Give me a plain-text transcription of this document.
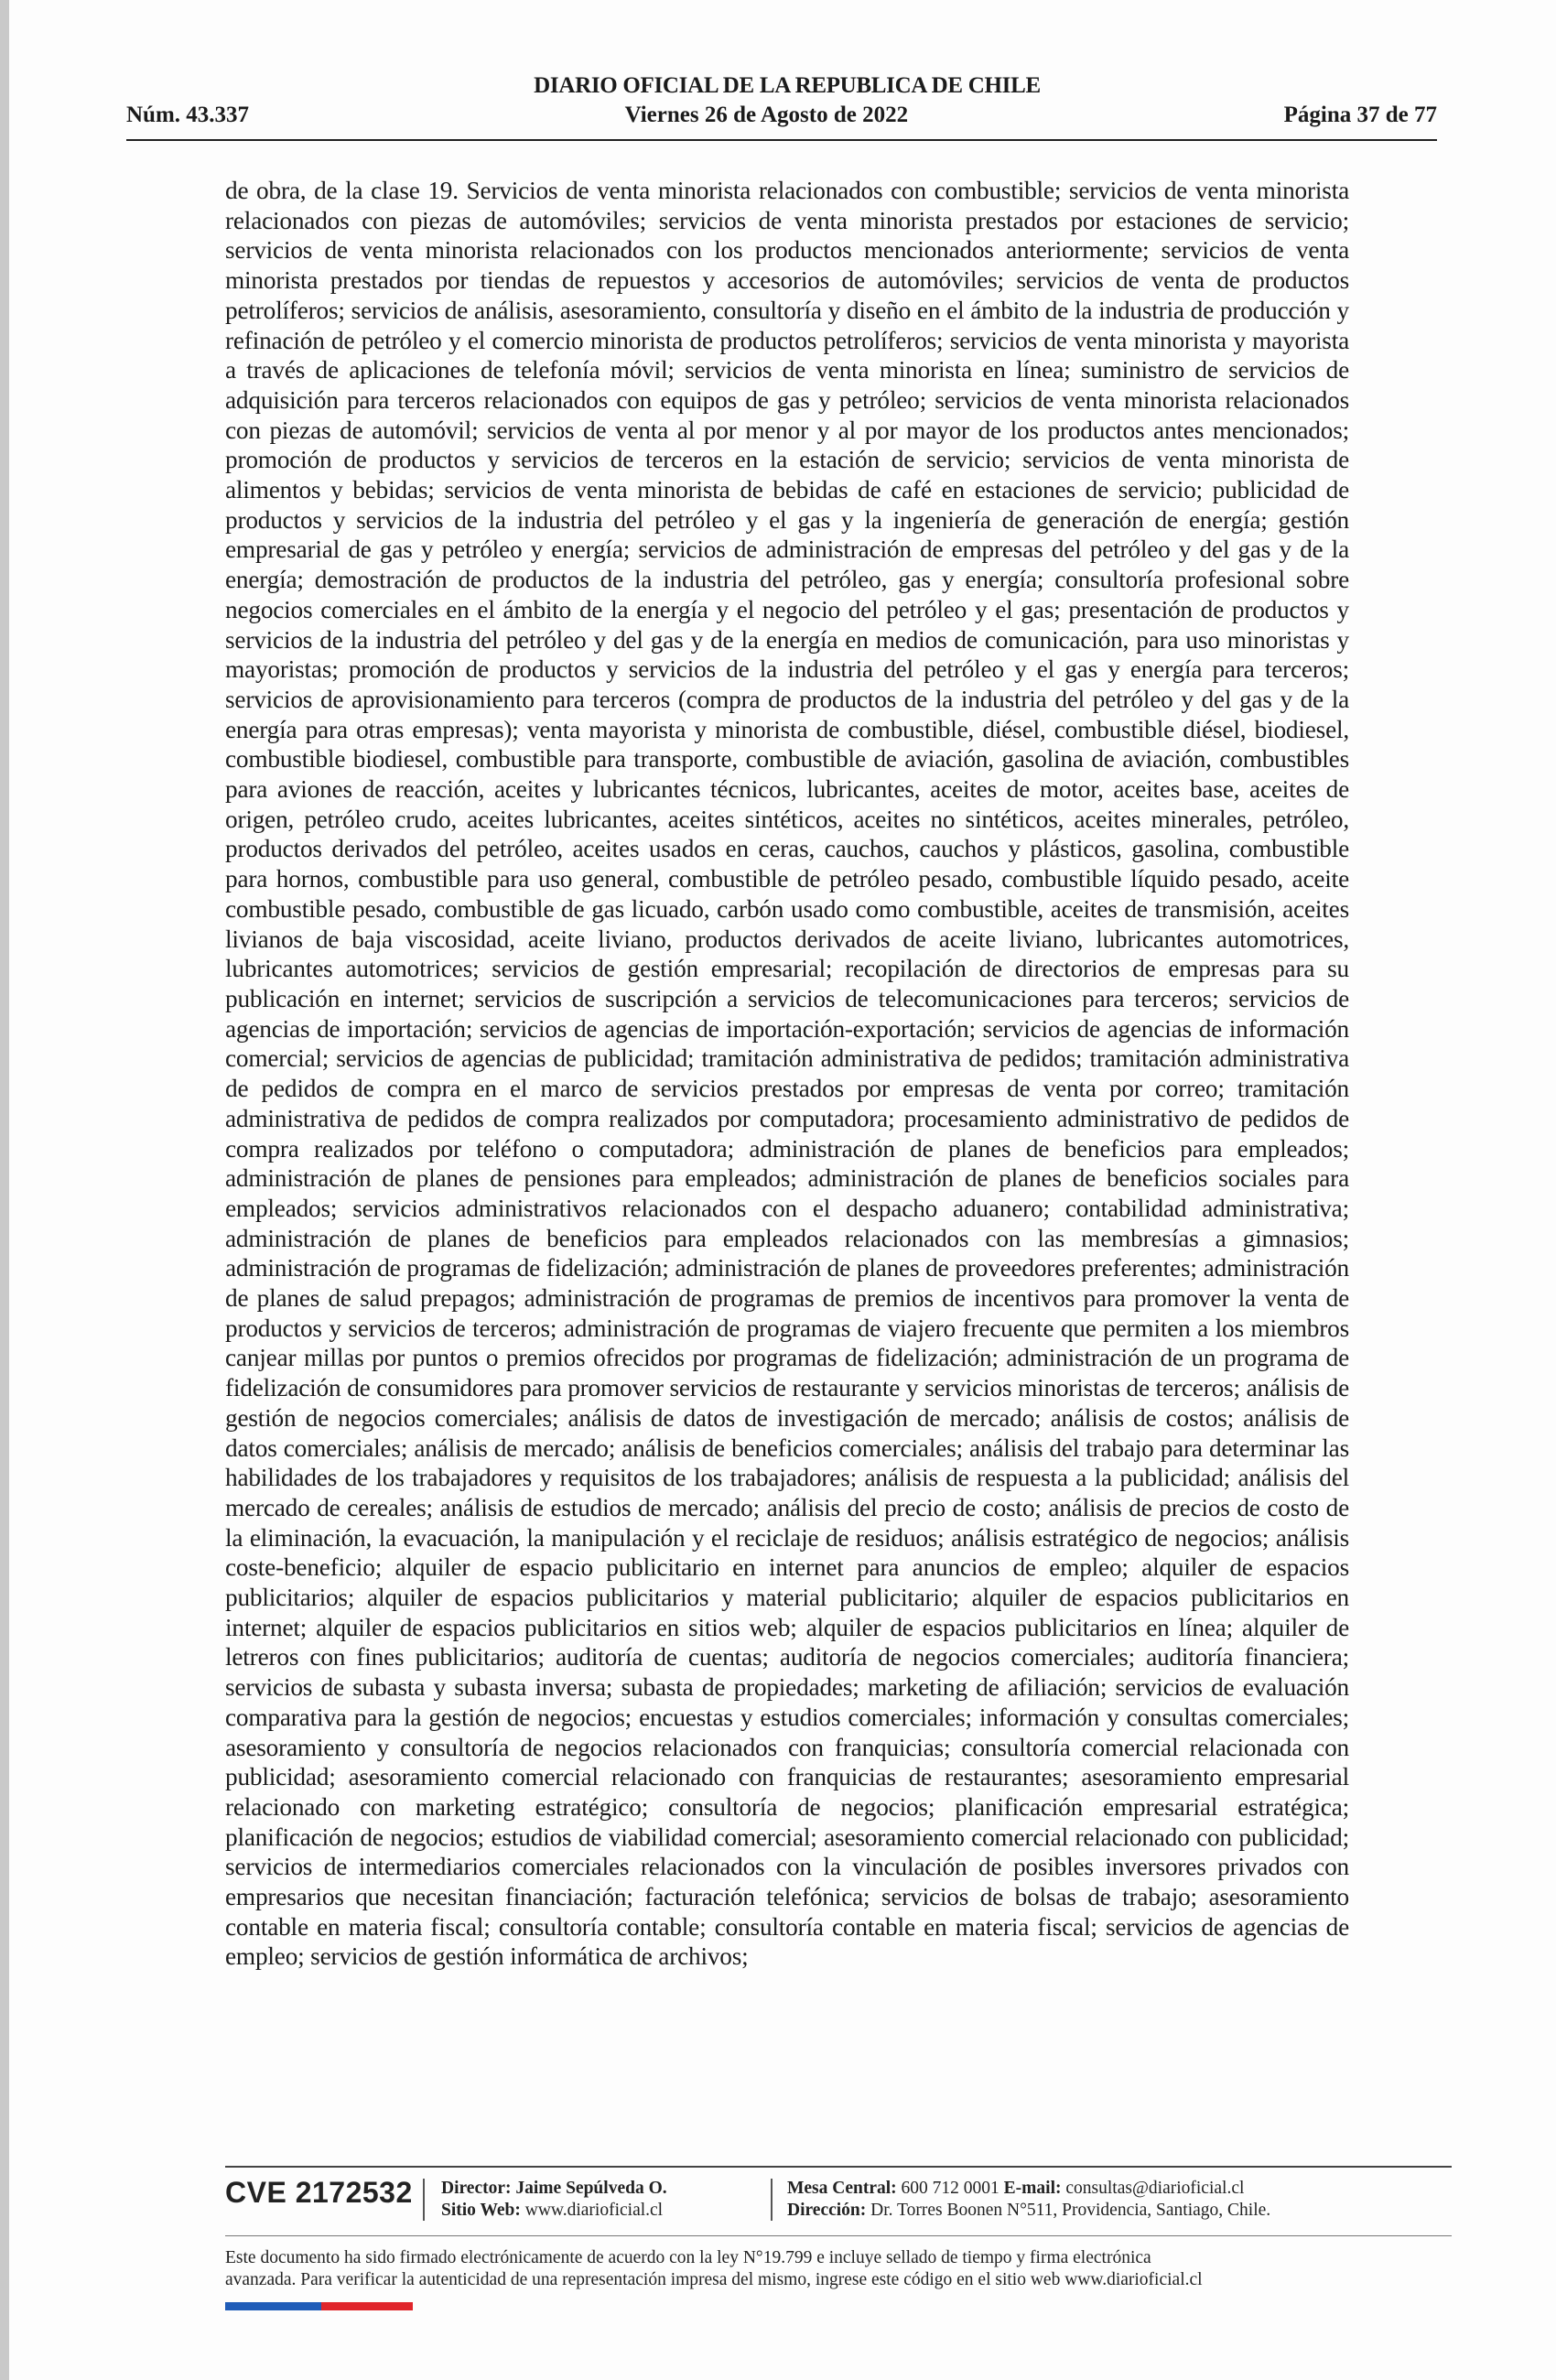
DIARIO OFICIAL DE LA REPUBLICA DE CHILE
Núm. 43.337	Viernes 26 de Agosto de 2022	Página 37 de 77

de obra, de la clase 19. Servicios de venta minorista relacionados con combustible; servicios de venta minorista relacionados con piezas de automóviles; servicios de venta minorista prestados por estaciones de servicio; servicios de venta minorista relacionados con los productos mencionados anteriormente; servicios de venta minorista prestados por tiendas de repuestos y accesorios de automóviles; servicios de venta de productos petrolíferos; servicios de análisis, asesoramiento, consultoría y diseño en el ámbito de la industria de producción y refinación de petróleo y el comercio minorista de productos petrolíferos; servicios de venta minorista y mayorista a través de aplicaciones de telefonía móvil; servicios de venta minorista en línea; suministro de servicios de adquisición para terceros relacionados con equipos de gas y petróleo; servicios de venta minorista relacionados con piezas de automóvil; servicios de venta al por menor y al por mayor de los productos antes mencionados; promoción de productos y servicios de terceros en la estación de servicio; servicios de venta minorista de alimentos y bebidas; servicios de venta minorista de bebidas de café en estaciones de servicio; publicidad de productos y servicios de la industria del petróleo y el gas y la ingeniería de generación de energía; gestión empresarial de gas y petróleo y energía; servicios de administración de empresas del petróleo y del gas y de la energía; demostración de productos de la industria del petróleo, gas y energía; consultoría profesional sobre negocios comerciales en el ámbito de la energía y el negocio del petróleo y el gas; presentación de productos y servicios de la industria del petróleo y del gas y de la energía en medios de comunicación, para uso minoristas y mayoristas; promoción de productos y servicios de la industria del petróleo y el gas y energía para terceros; servicios de aprovisionamiento para terceros (compra de productos de la industria del petróleo y del gas y de la energía para otras empresas); venta mayorista y minorista de combustible, diésel, combustible diésel, biodiesel, combustible biodiesel, combustible para transporte, combustible de aviación, gasolina de aviación, combustibles para aviones de reacción, aceites y lubricantes técnicos, lubricantes, aceites de motor, aceites base, aceites de origen, petróleo crudo, aceites lubricantes, aceites sintéticos, aceites no sintéticos, aceites minerales, petróleo, productos derivados del petróleo, aceites usados en ceras, cauchos, cauchos y plásticos, gasolina, combustible para hornos, combustible para uso general, combustible de petróleo pesado, combustible líquido pesado, aceite combustible pesado, combustible de gas licuado, carbón usado como combustible, aceites de transmisión, aceites livianos de baja viscosidad, aceite liviano, productos derivados de aceite liviano, lubricantes automotrices, lubricantes automotrices; servicios de gestión empresarial; recopilación de directorios de empresas para su publicación en internet; servicios de suscripción a servicios de telecomunicaciones para terceros; servicios de agencias de importación; servicios de agencias de importación-exportación; servicios de agencias de información comercial; servicios de agencias de publicidad; tramitación administrativa de pedidos; tramitación administrativa de pedidos de compra en el marco de servicios prestados por empresas de venta por correo; tramitación administrativa de pedidos de compra realizados por computadora; procesamiento administrativo de pedidos de compra realizados por teléfono o computadora; administración de planes de beneficios para empleados; administración de planes de pensiones para empleados; administración de planes de beneficios sociales para empleados; servicios administrativos relacionados con el despacho aduanero; contabilidad administrativa; administración de planes de beneficios para empleados relacionados con las membresías a gimnasios; administración de programas de fidelización; administración de planes de proveedores preferentes; administración de planes de salud prepagos; administración de programas de premios de incentivos para promover la venta de productos y servicios de terceros; administración de programas de viajero frecuente que permiten a los miembros canjear millas por puntos o premios ofrecidos por programas de fidelización; administración de un programa de fidelización de consumidores para promover servicios de restaurante y servicios minoristas de terceros; análisis de gestión de negocios comerciales; análisis de datos de investigación de mercado; análisis de costos; análisis de datos comerciales; análisis de mercado; análisis de beneficios comerciales; análisis del trabajo para determinar las habilidades de los trabajadores y requisitos de los trabajadores; análisis de respuesta a la publicidad; análisis del mercado de cereales; análisis de estudios de mercado; análisis del precio de costo; análisis de precios de costo de la eliminación, la evacuación, la manipulación y el reciclaje de residuos; análisis estratégico de negocios; análisis coste-beneficio; alquiler de espacio publicitario en internet para anuncios de empleo; alquiler de espacios publicitarios; alquiler de espacios publicitarios y material publicitario; alquiler de espacios publicitarios en internet; alquiler de espacios publicitarios en sitios web; alquiler de espacios publicitarios en línea; alquiler de letreros con fines publicitarios; auditoría de cuentas; auditoría de negocios comerciales; auditoría financiera; servicios de subasta y subasta inversa; subasta de propiedades; marketing de afiliación; servicios de evaluación comparativa para la gestión de negocios; encuestas y estudios comerciales; información y consultas comerciales; asesoramiento y consultoría de negocios relacionados con franquicias; consultoría comercial relacionada con publicidad; asesoramiento comercial relacionado con franquicias de restaurantes; asesoramiento empresarial relacionado con marketing estratégico; consultoría de negocios; planificación empresarial estratégica; planificación de negocios; estudios de viabilidad comercial; asesoramiento comercial relacionado con publicidad; servicios de intermediarios comerciales relacionados con la vinculación de posibles inversores privados con empresarios que necesitan financiación; facturación telefónica; servicios de bolsas de trabajo; asesoramiento contable en materia fiscal; consultoría contable; consultoría contable en materia fiscal; servicios de agencias de empleo; servicios de gestión informática de archivos;

CVE 2172532 Director: Jaime Sepúlveda O.
Sitio Web: www.diarioficial.cl
Mesa Central: 600 712 0001 E-mail: consultas@diarioficial.cl
Dirección: Dr. Torres Boonen N°511, Providencia, Santiago, Chile.
Este documento ha sido firmado electrónicamente de acuerdo con la ley N°19.799 e incluye sellado de tiempo y firma electrónica
avanzada. Para verificar la autenticidad de una representación impresa del mismo, ingrese este código en el sitio web www.diarioficial.cl
